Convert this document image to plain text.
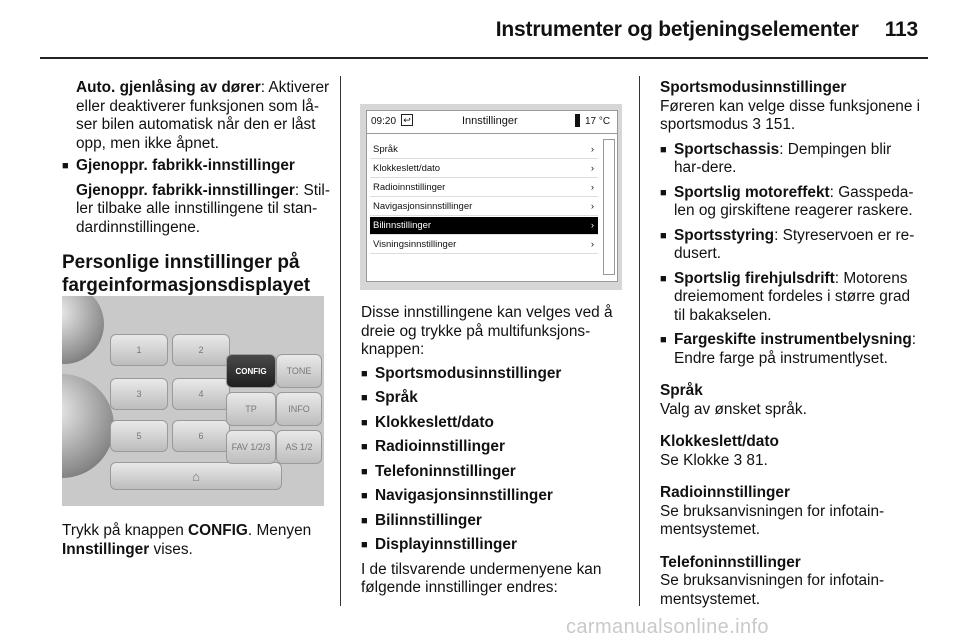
Instrumenter og betjeningselementer 113

Auto. gjenlåsing av dører: Aktiverer eller deaktiverer funksjonen som lå-ser bilen automatisk når den er låst opp, men ikke åpnet.

■ Gjenoppr. fabrikk-innstillinger

Gjenoppr. fabrikk-innstillinger: Stil-ler tilbake alle innstillingene til stan-dardinnstillingene.

Personlige innstillinger på
fargeinformasjonsdisplayet
1	2
3	4
5	6
⌂
CONFIG	TONE
TP	INFO
FAV 1/2/3	AS 1/2

Trykk på knappen CONFIG. Menyen

Innstillinger vises.

09:20 ↩	Innstillinger	17 °C
Språk	›
Klokkeslett/dato	›
Radioinnstillinger	›
Navigasjonsinnstillinger	›
Bilinnstillinger	›
Visningsinnstillinger	›

Disse innstillingene kan velges ved å dreie og trykke på multifunksjons-knappen:

■ Sportsmodusinnstillinger

■ Språk

■ Klokkeslett/dato

■ Radioinnstillinger

■ Telefoninnstillinger

■ Navigasjonsinnstillinger

■ Bilinnstillinger

■ Displayinnstillinger

I de tilsvarende undermenyene kan følgende innstillinger endres:

Sportsmodusinnstillinger

Føreren kan velge disse funksjonene i sportsmodus 3 151.

■ Sportschassis: Dempingen blir har-dere.

■ Sportslig motoreffekt: Gasspeda-len og girskiftene reagerer raskere.

■ Sportsstyring: Styreservoen er re-dusert.

■ Sportslig firehjulsdrift: Motorens dreiemoment fordeles i større grad til bakakselen.

■ Fargeskifte instrumentbelysning: Endre farge på instrumentlyset.

Språk

Valg av ønsket språk.

Klokkeslett/dato

Se Klokke 3 81.

Radioinnstillinger

Se bruksanvisningen for infotain-mentsystemet.

Telefoninnstillinger

Se bruksanvisningen for infotain-mentsystemet.

carmanualsonline.info
